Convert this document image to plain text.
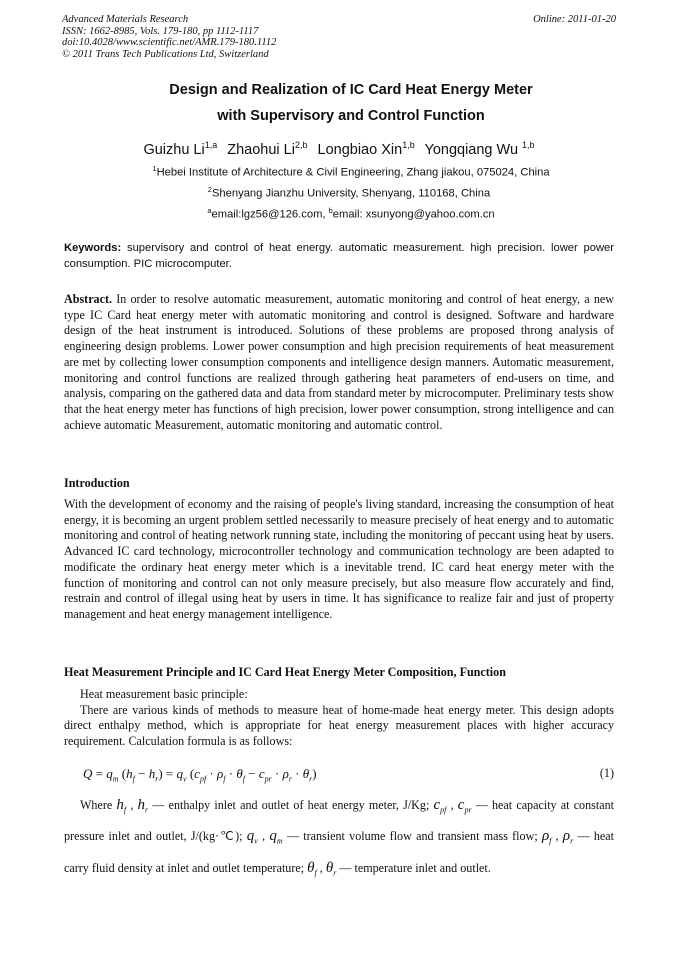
Advanced Materials Research
ISSN: 1662-8985, Vols. 179-180, pp 1112-1117
doi:10.4028/www.scientific.net/AMR.179-180.1112
© 2011 Trans Tech Publications Ltd, Switzerland
Online: 2011-01-20
Design and Realization of IC Card Heat Energy Meter
with Supervisory and Control Function
Guizhu Li$^{1,a}$ Zhaohui Li$^{2,b}$ Longbiao Xin$^{1,b}$ Yongqiang Wu $^{1,b}$
$^1$Hebei Institute of Architecture & Civil Engineering, Zhang jiakou, 075024, China
$^2$Shenyang Jianzhu University, Shenyang, 110168, China
$^a$email:lgz56@126.com, $^b$email: xsunyong@yahoo.com.cn
Keywords: supervisory and control of heat energy. automatic measurement. high precision. lower power consumption. PIC microcomputer.
Abstract. In order to resolve automatic measurement, automatic monitoring and control of heat energy, a new type IC Card heat energy meter with automatic monitoring and control is designed. Software and hardware design of the heat instrument is introduced. Solutions of these problems are proposed throng analysis of engineering design problems. Lower power consumption and high precision requirements of heat measurement are met by collecting lower consumption components and intelligence design manners. Automatic measurement, monitoring and control functions are realized through gathering heat parameters of end-users on time, and analysis, comparing on the gathered data and data from standard meter by microcomputer. Preliminary tests show that the heat energy meter has functions of high precision, lower power consumption, strong intelligence and can achieve automatic Measurement, automatic monitoring and automatic control.
Introduction
With the development of economy and the raising of people's living standard, increasing the consumption of heat energy, it is becoming an urgent problem settled necessarily to measure precisely of heat energy and to automatic monitoring and control of heating network running state, including the monitoring of peccant using heat by users. Advanced IC card technology, microcontroller technology and communication technology are been adapted to modificate the ordinary heat energy meter which is a inevitable trend. IC card heat energy meter with the function of monitoring and control can not only measure precisely, but also measure flow accurately and find, restrain and control of illegal using heat by users in time. It has significance to realize fair and just of property management and heat energy management intelligence.
Heat Measurement Principle and IC Card Heat Energy Meter Composition, Function

Heat measurement basic principle:

There are various kinds of methods to measure heat of home-made heat energy meter. This design adopts direct enthalpy method, which is appropriate for heat energy measurement places with higher accuracy requirement. Calculation formula is as follows:

$Q = q_m$ $(h_f - h_r) = q_v$ $(c_{pf} \cdot \rho_f \cdot \theta_f - c_{pr} \cdot \rho_r \cdot \theta_r)$	(1)
Where $h_f$ , $h_r$ — enthalpy inlet and outlet of heat energy meter, J/Kg; $c_{pf}$ , $c_{pr}$ — heat capacity at constant pressure inlet and outlet, J/(kg·℃); $q_v$ , $q_m$ — transient volume flow and transient mass flow; $\rho_f$ , $\rho_r$ — heat carry fluid density at inlet and outlet temperature; $\theta_f$ , $\theta_r$ — temperature inlet and outlet.
